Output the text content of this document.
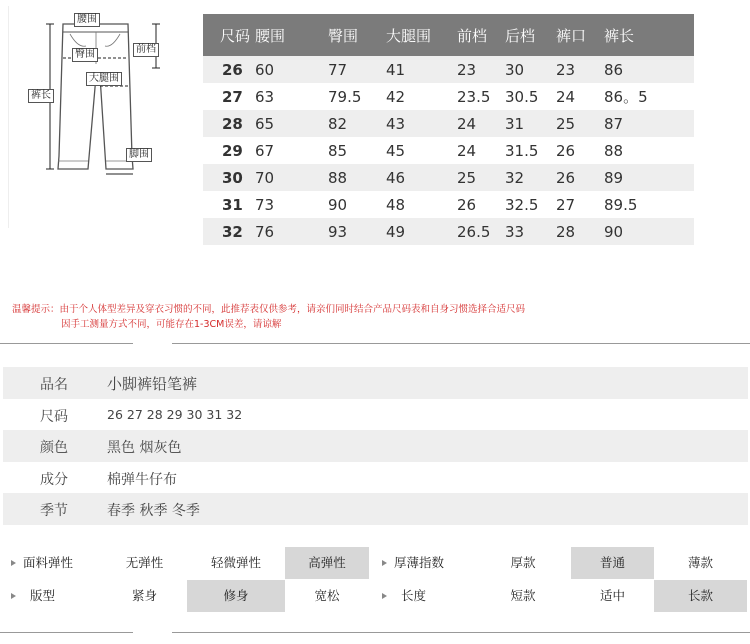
腰围
前档
臀围
大腿围
裤长
脚围
尺码	腰围	臀围	大腿围	前档	后档	裤口	裤长
26	60	77	41	23	30	23	86
27	63	79.5	42	23.5	30.5	24	86。5
28	65	82	43	24	31	25	87
29	67	85	45	24	31.5	26	88
30	70	88	46	25	32	26	89
31	73	90	48	26	32.5	27	89.5
32	76	93	49	26.5	33	28	90
温馨提示：由于个人体型差异及穿衣习惯的不同，此推荐表仅供参考，请亲们同时结合产品尺码表和自身习惯选择合适尺码
因手工测量方式不同，可能存在1-3CM误差，请谅解
品名	小脚裤铅笔裤
尺码	26 27 28 29 30 31 32
颜色	黑色 烟灰色
成分	棉弹牛仔布
季节	春季 秋季 冬季
面料弹性	无弹性	轻微弹性	高弹性	厚薄指数	厚款	普通	薄款
版型	紧身	修身	宽松	长度	短款	适中	长款
